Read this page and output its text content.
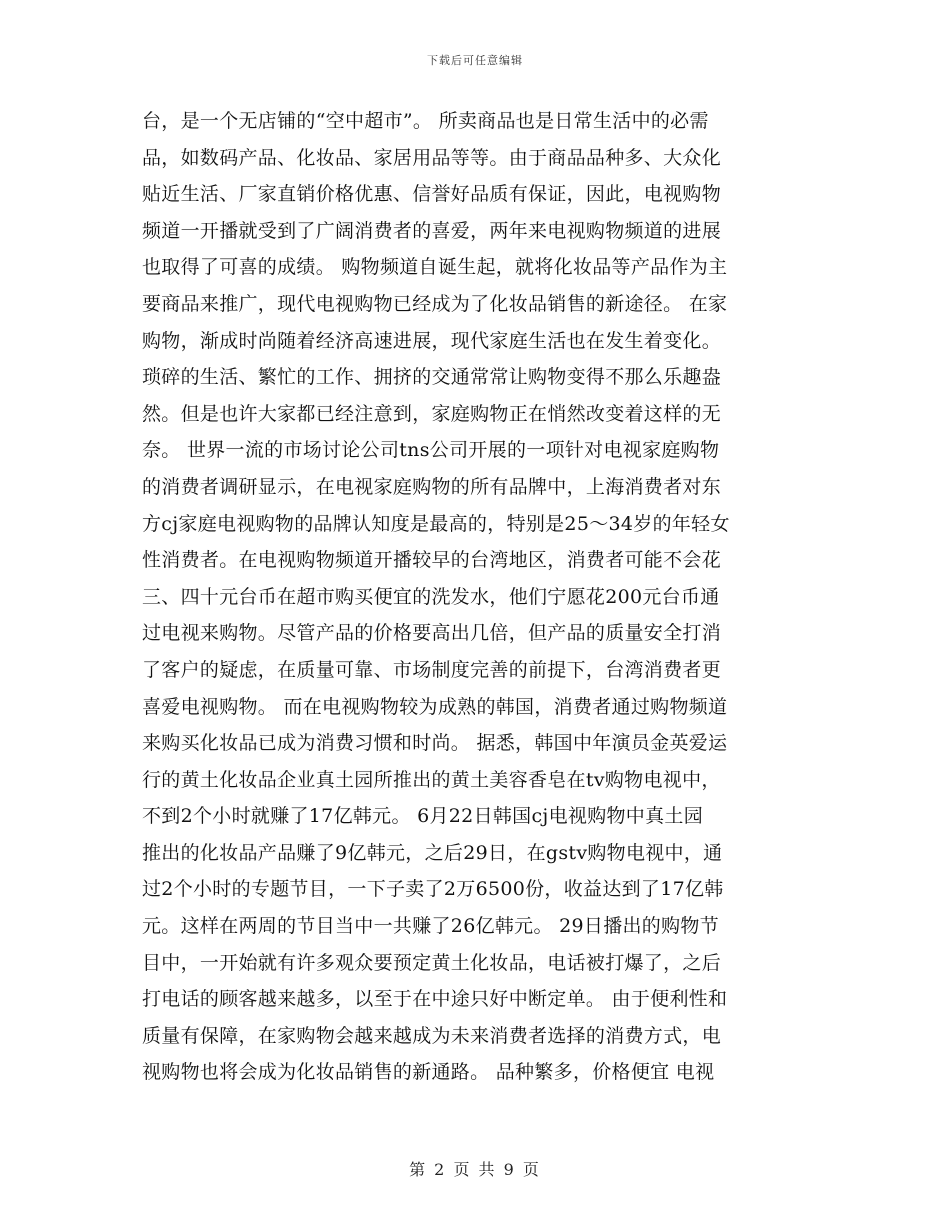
下载后可任意编辑
台，是一个无店铺的“空中超市”。 所卖商品也是日常生活中的必需
品，如数码产品、化妆品、家居用品等等。由于商品品种多、大众化
贴近生活、厂家直销价格优惠、信誉好品质有保证，因此，电视购物
频道一开播就受到了广阔消费者的喜爱，两年来电视购物频道的进展
也取得了可喜的成绩。 购物频道自诞生起，就将化妆品等产品作为主
要商品来推广，现代电视购物已经成为了化妆品销售的新途径。 在家
购物，渐成时尚随着经济高速进展，现代家庭生活也在发生着变化。
琐碎的生活、繁忙的工作、拥挤的交通常常让购物变得不那么乐趣盎
然。但是也许大家都已经注意到，家庭购物正在悄然改变着这样的无
奈。 世界一流的市场讨论公司tns公司开展的一项针对电视家庭购物
的消费者调研显示，在电视家庭购物的所有品牌中，上海消费者对东
方cj家庭电视购物的品牌认知度是最高的，特别是25～34岁的年轻女
性消费者。在电视购物频道开播较早的台湾地区，消费者可能不会花
三、四十元台币在超市购买便宜的洗发水，他们宁愿花200元台币通
过电视来购物。尽管产品的价格要高出几倍，但产品的质量安全打消
了客户的疑虑，在质量可靠、市场制度完善的前提下，台湾消费者更
喜爱电视购物。 而在电视购物较为成熟的韩国，消费者通过购物频道
来购买化妆品已成为消费习惯和时尚。 据悉，韩国中年演员金英爱运
行的黄土化妆品企业真土园所推出的黄土美容香皂在tv购物电视中，
不到2个小时就赚了17亿韩元。 6月22日韩国cj电视购物中真土园
推出的化妆品产品赚了9亿韩元，之后29日，在gstv购物电视中，通
过2个小时的专题节目，一下子卖了2万6500份，收益达到了17亿韩
元。这样在两周的节目当中一共赚了26亿韩元。 29日播出的购物节
目中，一开始就有许多观众要预定黄土化妆品，电话被打爆了，之后
打电话的顾客越来越多，以至于在中途只好中断定单。 由于便利性和
质量有保障，在家购物会越来越成为未来消费者选择的消费方式，电
视购物也将会成为化妆品销售的新通路。 品种繁多，价格便宜 电视
第 2 页 共 9 页
